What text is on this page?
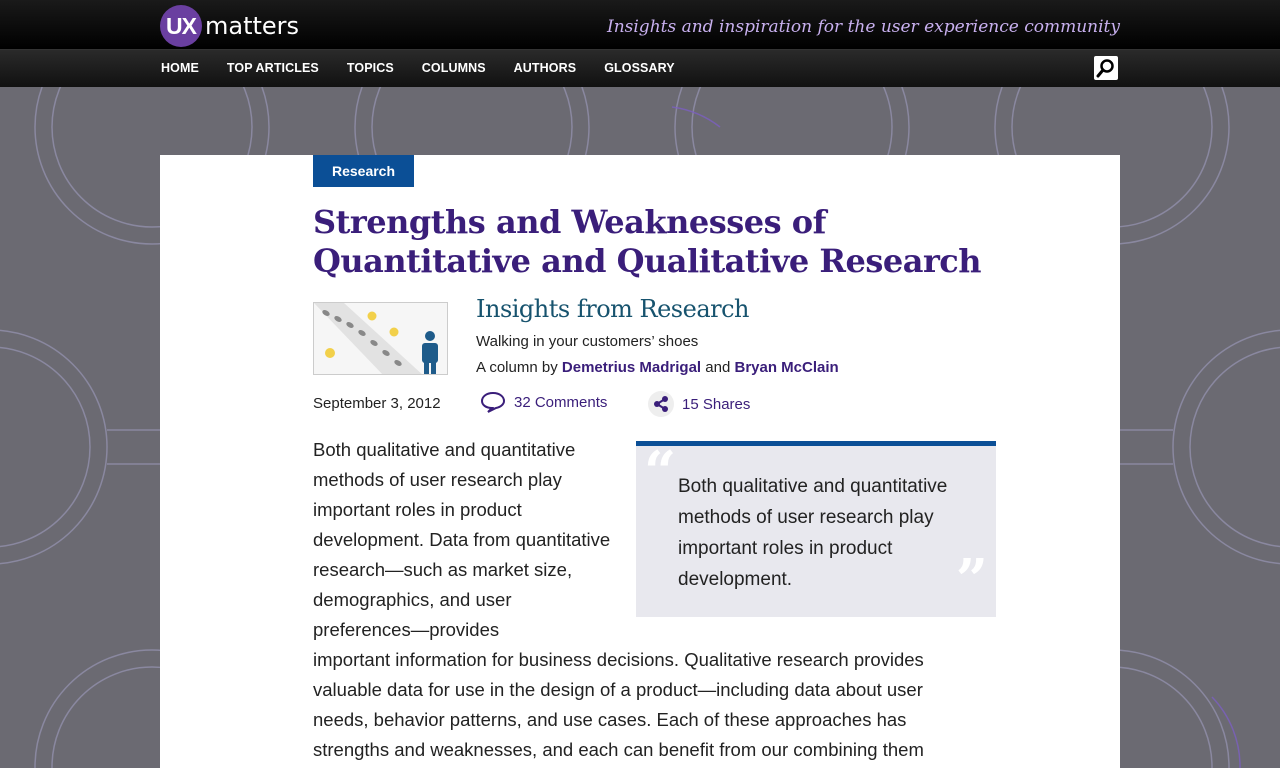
UX matters	Insights and inspiration for the user experience community
HOME TOP ARTICLES TOPICS COLUMNS AUTHORS GLOSSARY
Research
Strengths and Weaknesses of Quantitative and Qualitative Research
Insights from Research
Walking in your customers’ shoes
A column by Demetrius Madrigal and Bryan McClain
September 3, 2012	32 Comments	15 Shares

Both qualitative and quantitative methods of user research play important roles in product development. Data from quantitative research—such as market size, demographics, and user preferences—provides

“ Both qualitative and quantitative methods of user research play important roles in product development.	”

important information for business decisions. Qualitative research provides valuable data for use in the design of a product—including data about user needs, behavior patterns, and use cases. Each of these approaches has strengths and weaknesses, and each can benefit from our combining them
